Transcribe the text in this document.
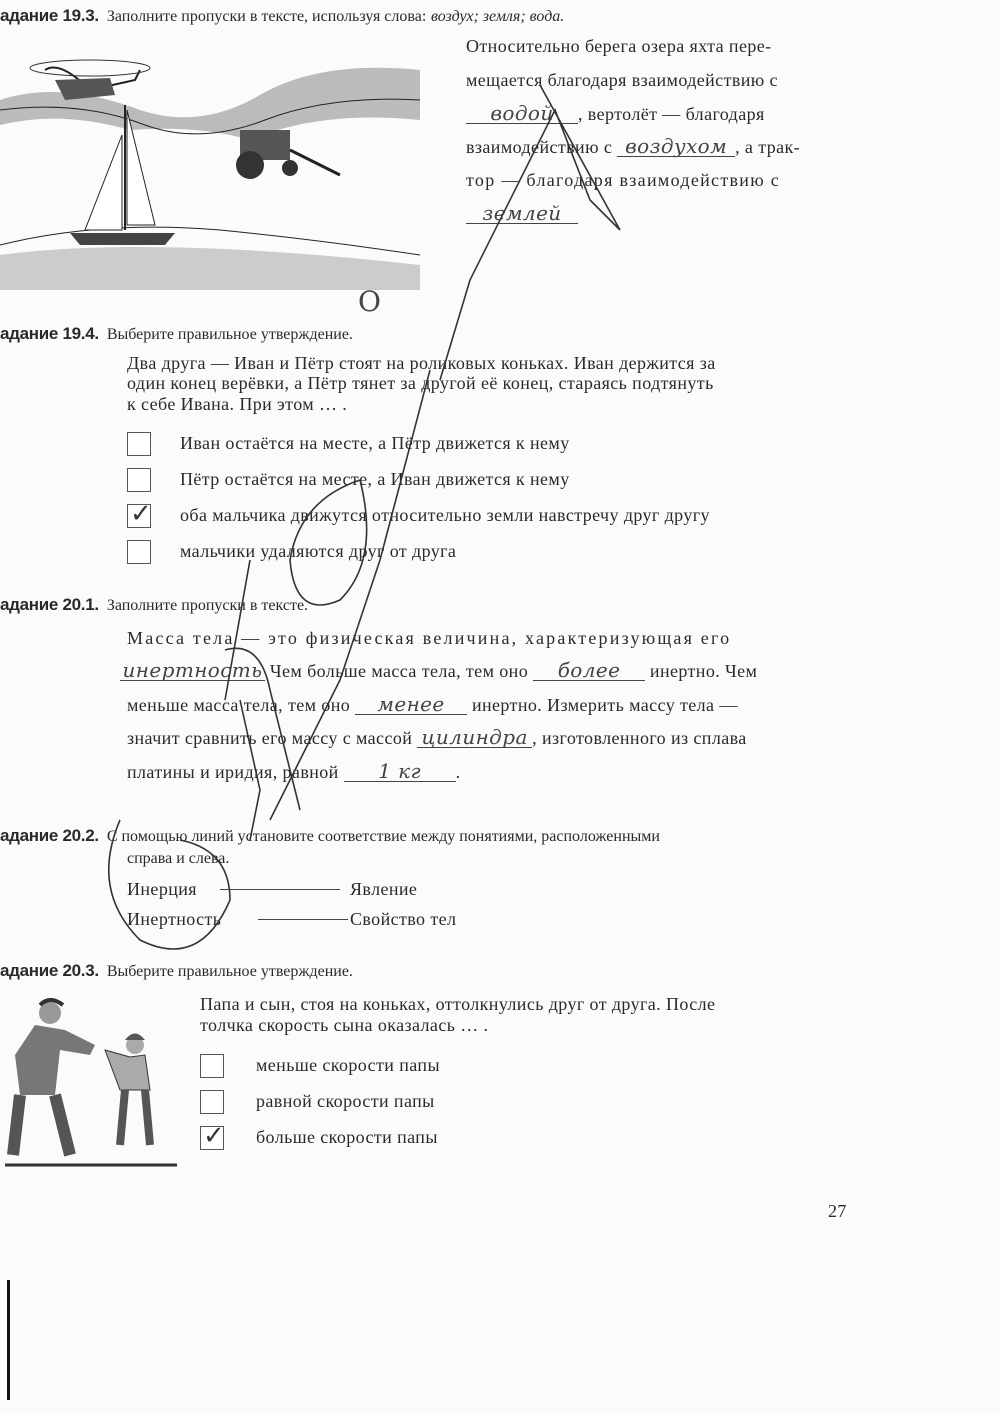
адание 19.3. Заполните пропуски в тексте, используя слова: воздух; земля; вода.
Относительно берега озера яхта пере-
мещается благодаря взаимодействию с
водой , вертолёт — благодаря
взаимодействию с воздухом , а трак-
тор — благодаря взаимодействию с
землей
O
адание 19.4. Выберите правильное утверждение.
Два друга — Иван и Пётр стоят на роликовых коньках. Иван держится за
один конец верёвки, а Пётр тянет за другой её конец, стараясь подтянуть
к себе Ивана. При этом … .
Иван остаётся на месте, а Пётр движется к нему
Пётр остаётся на месте, а Иван движется к нему
✓ оба мальчика движутся относительно земли навстречу друг другу
мальчики удаляются друг от друга
адание 20.1. Заполните пропуски в тексте.
Масса тела — это физическая величина, характеризующая его
инертность Чем больше масса тела, тем оно более инертно. Чем
меньше масса тела, тем оно менее инертно. Измерить массу тела —
значит сравнить его массу с массой цилиндра , изготовленного из сплава
платины и иридия, равной 1 кг .
адание 20.2. С помощью линий установите соответствие между понятиями, расположенными
справа и слева.
Инерция
Инертность
Явление
Свойство тел
адание 20.3. Выберите правильное утверждение.
Папа и сын, стоя на коньках, оттолкнулись друг от друга. После
толчка скорость сына оказалась … .
меньше скорости папы
равной скорости папы
✓ больше скорости папы
27
